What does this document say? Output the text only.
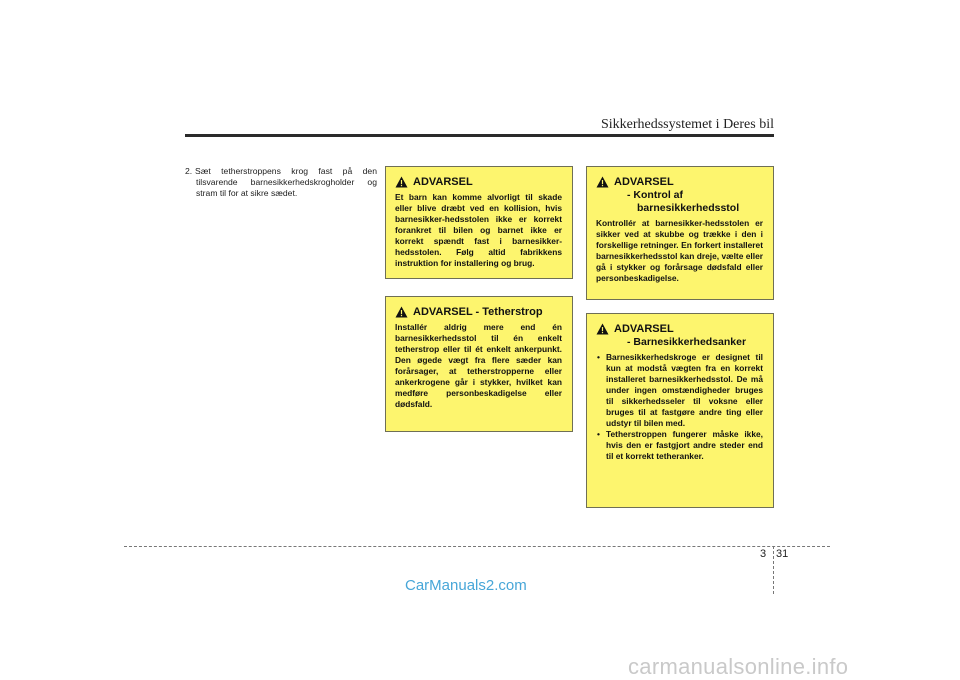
Sikkerhedssystemet i Deres bil
2. Sæt tetherstroppens krog fast på den tilsvarende barnesikkerhedskrogholder og stram til for at sikre sædet.
ADVARSEL
Et barn kan komme alvorligt til skade eller blive dræbt ved en kollision, hvis barnesikker-hedsstolen ikke er korrekt forankret til bilen og barnet ikke er korrekt spændt fast i barnesikker-hedsstolen. Følg altid fabrikkens instruktion for installering og brug.
ADVARSEL - Tetherstrop
Installér aldrig mere end én barnesikkerhedsstol til én enkelt tetherstrop eller til ét enkelt ankerpunkt. Den øgede vægt fra flere sæder kan forårsager, at tetherstropperne eller ankerkrogene går i stykker, hvilket kan medføre personbeskadigelse eller dødsfald.
ADVARSEL
- Kontrol af
barnesikkerhedsstol
Kontrollér at barnesikker-hedsstolen er sikker ved at skubbe og trække i den i forskellige retninger. En forkert installeret barnesikkerhedsstol kan dreje, vælte eller gå i stykker og forårsage dødsfald eller personbeskadigelse.
ADVARSEL
- Barnesikkerhedsanker
• Barnesikkerhedskroge er designet til kun at modstå vægten fra en korrekt installeret barnesikkerhedsstol. De må under ingen omstændigheder bruges til sikkerhedsseler til voksne eller bruges til at fastgøre andre ting eller udstyr til bilen med.
• Tetherstroppen fungerer måske ikke, hvis den er fastgjort andre steder end til et korrekt tetheranker.
3 31
CarManuals2.com
carmanualsonline.info
